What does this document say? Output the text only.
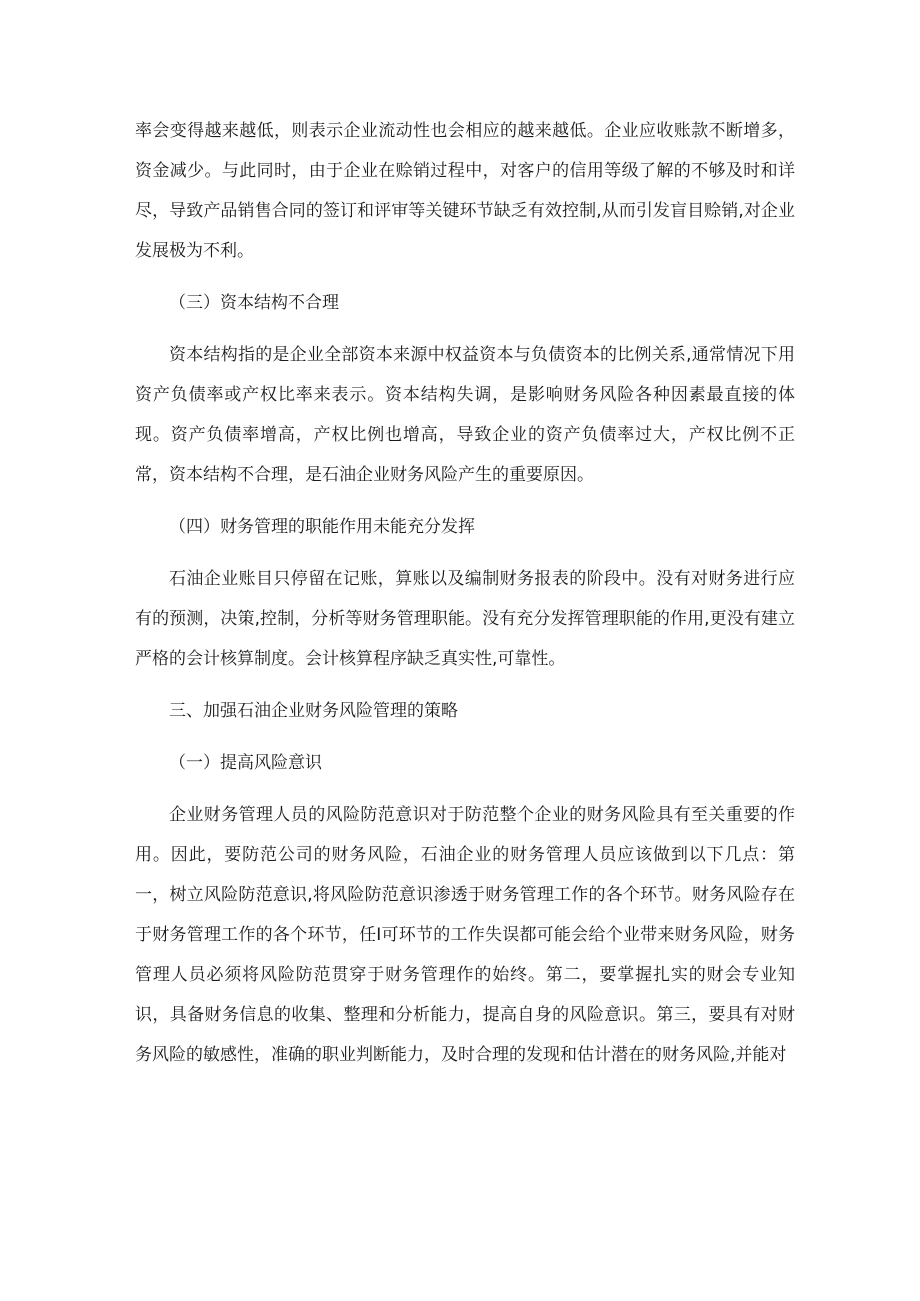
率会变得越来越低，则表示企业流动性也会相应的越来越低。企业应收账款不断增多，资金减少。与此同时，由于企业在赊销过程中，对客户的信用等级了解的不够及时和详尽，导致产品销售合同的签订和评审等关键环节缺乏有效控制,从而引发盲目赊销,对企业发展极为不利。

（三）资本结构不合理

资本结构指的是企业全部资本来源中权益资本与负债资本的比例关系,通常情况下用资产负债率或产权比率来表示。资本结构失调，是影响财务风险各种因素最直接的体现。资产负债率增高，产权比例也增高，导致企业的资产负债率过大，产权比例不正常，资本结构不合理，是石油企业财务风险产生的重要原因。

（四）财务管理的职能作用未能充分发挥

石油企业账目只停留在记账，算账以及编制财务报表的阶段中。没有对财务进行应有的预测，决策,控制，分析等财务管理职能。没有充分发挥管理职能的作用,更没有建立严格的会计核算制度。会计核算程序缺乏真实性,可靠性。

三、加强石油企业财务风险管理的策略

（一）提高风险意识

企业财务管理人员的风险防范意识对于防范整个企业的财务风险具有至关重要的作用。因此，要防范公司的财务风险，石油企业的财务管理人员应该做到以下几点：第一，树立风险防范意识,将风险防范意识渗透于财务管理工作的各个环节。财务风险存在于财务管理工作的各个环节，任I可环节的工作失误都可能会给个业带来财务风险，财务管理人员必须将风险防范贯穿于财务管理作的始终。第二，要掌握扎实的财会专业知识，具备财务信息的收集、整理和分析能力，提高自身的风险意识。第三，要具有对财务风险的敏感性，准确的职业判断能力，及时合理的发现和估计潜在的财务风险,并能对
